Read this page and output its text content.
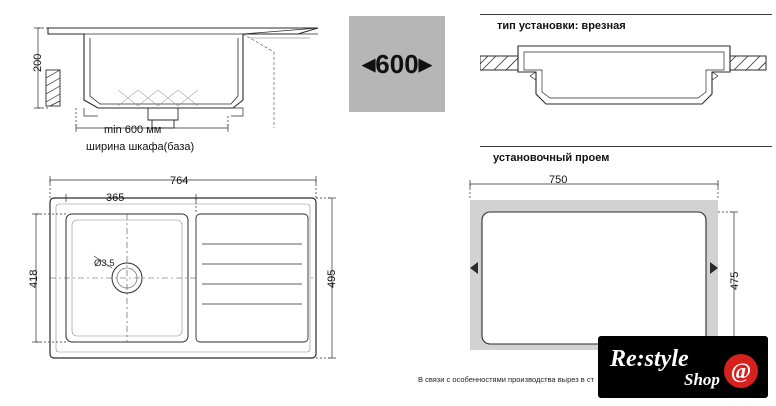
200
min 600 мм
ширина шкафа(база)
◀ 600 ▶
тип установки: врезная
установочный проем
764
365
Ø3,5
418	495
750
475
В связи с особенностями производства вырез в ст
Re:style
Shop @
